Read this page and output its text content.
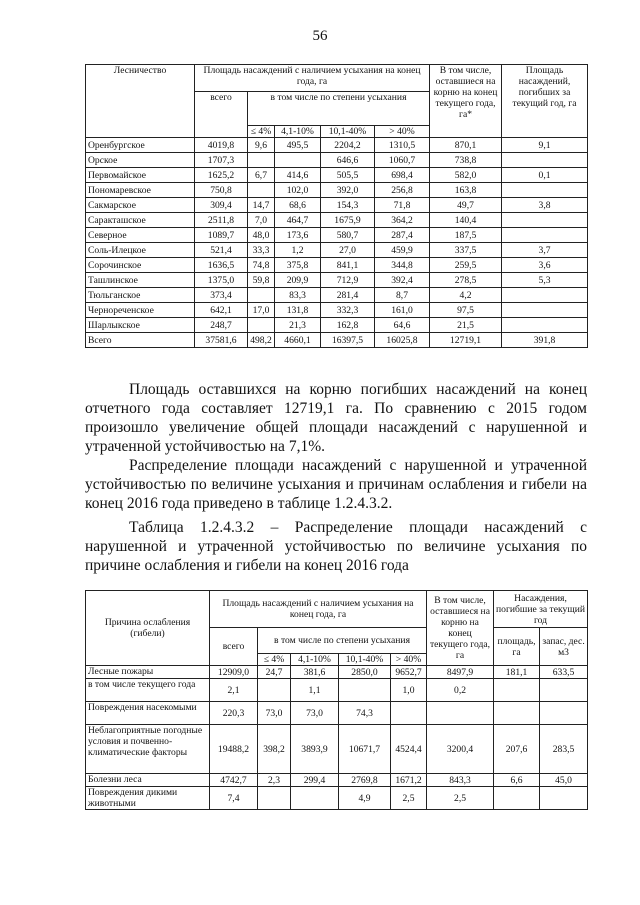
56
Лесничество	Площадь насаждений с наличием усыхания на конец года, га					В том числе, оставшиеся на корню на конец текущего года, га*	Площадь насаждений, погибших за текущий год, га
	всего	в том числе по степени усыхания					
		≤ 4%	4,1-10%	10,1-40%	> 40%		
Оренбургское	4019,8	9,6	495,5	2204,2	1310,5	870,1	9,1
Орское	1707,3			646,6	1060,7	738,8	
Первомайское	1625,2	6,7	414,6	505,5	698,4	582,0	0,1
Пономаревское	750,8		102,0	392,0	256,8	163,8	
Сакмарское	309,4	14,7	68,6	154,3	71,8	49,7	3,8
Саракташское	2511,8	7,0	464,7	1675,9	364,2	140,4	
Северное	1089,7	48,0	173,6	580,7	287,4	187,5	
Соль-Илецкое	521,4	33,3	1,2	27,0	459,9	337,5	3,7
Сорочинское	1636,5	74,8	375,8	841,1	344,8	259,5	3,6
Ташлинское	1375,0	59,8	209,9	712,9	392,4	278,5	5,3
Тюльганское	373,4		83,3	281,4	8,7	4,2	
Чернореченское	642,1	17,0	131,8	332,3	161,0	97,5	
Шарлыкское	248,7		21,3	162,8	64,6	21,5	
Всего	37581,6	498,2	4660,1	16397,5	16025,8	12719,1	391,8

Площадь оставшихся на корню погибших насаждений на конец отчетного года составляет 12719,1 га. По сравнению с 2015 годом произошло увеличение общей площади насаждений с нарушенной и утраченной устойчивостью на 7,1%.

Распределение площади насаждений с нарушенной и утраченной устойчивостью по величине усыхания и причинам ослабления и гибели на конец 2016 года приведено в таблице 1.2.4.3.2.

Таблица 1.2.4.3.2 – Распределение площади насаждений с нарушенной и утраченной устойчивостью по величине усыхания по причине ослабления и гибели на конец 2016 года

Причина ослабления (гибели)	Площадь насаждений с наличием усыхания на конец года, га					В том числе, оставшиеся на корню на конец текущего года, га	Насаждения, погибшие за текущий год	
	всего	в том числе по степени усыхания					площадь, га	запас, дес. м3
		≤ 4%	4,1-10%	10,1-40%	> 40%			
Лесные пожары	12909,0	24,7	381,6	2850,0	9652,7	8497,9	181,1	633,5
в том числе текущего года	2,1		1,1		1,0	0,2		
Повреждения насекомыми	220,3	73,0	73,0	74,3				
Неблагоприятные погодные условия и почвенно-климатические факторы	19488,2	398,2	3893,9	10671,7	4524,4	3200,4	207,6	283,5
Болезни леса	4742,7	2,3	299,4	2769,8	1671,2	843,3	6,6	45,0
Повреждения дикими животными	7,4			4,9	2,5	2,5		
